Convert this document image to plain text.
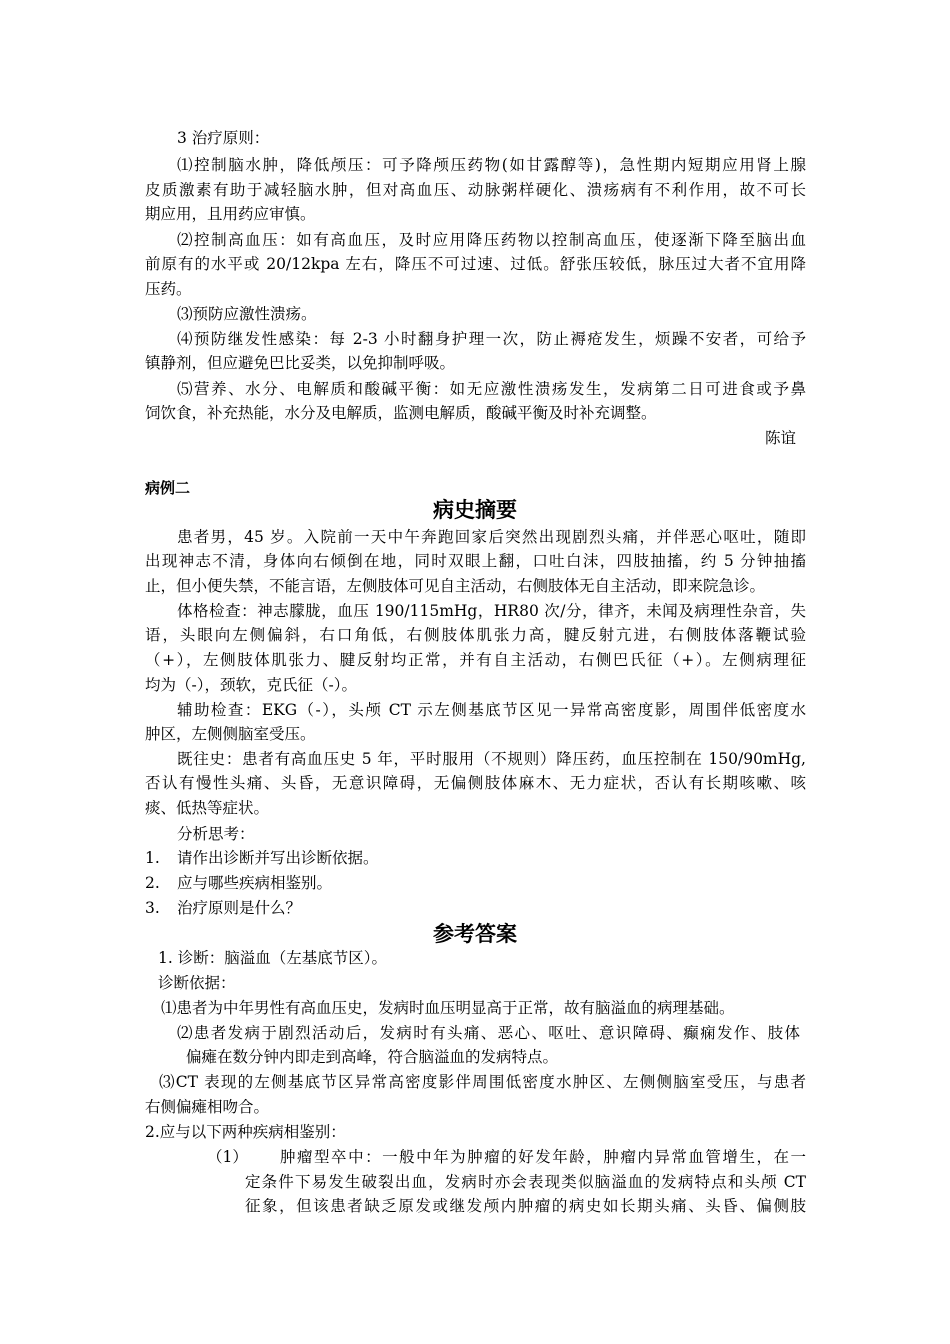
3 治疗原则：

⑴控制脑水肿，降低颅压：可予降颅压药物(如甘露醇等)，急性期内短期应用肾上腺

皮质激素有助于减轻脑水肿，但对高血压、动脉粥样硬化、溃疡病有不利作用，故不可长

期应用，且用药应审慎。

⑵控制高血压：如有高血压，及时应用降压药物以控制高血压，使逐渐下降至脑出血

前原有的水平或 20/12kpa 左右，降压不可过速、过低。舒张压较低，脉压过大者不宜用降

压药。

⑶预防应激性溃疡。

⑷预防继发性感染：每 2-3 小时翻身护理一次，防止褥疮发生，烦躁不安者，可给予

镇静剂，但应避免巴比妥类，以免抑制呼吸。

⑸营养、水分、电解质和酸碱平衡：如无应激性溃疡发生，发病第二日可进食或予鼻

饲饮食，补充热能，水分及电解质，监测电解质，酸碱平衡及时补充调整。

陈谊

病例二

病史摘要

患者男，45 岁。入院前一天中午奔跑回家后突然出现剧烈头痛，并伴恶心呕吐，随即

出现神志不清，身体向右倾倒在地，同时双眼上翻，口吐白沫，四肢抽搐，约 5 分钟抽搐

止，但小便失禁，不能言语，左侧肢体可见自主活动，右侧肢体无自主活动，即来院急诊。

体格检查：神志朦胧，血压 190/115mHg，HR80 次/分，律齐，未闻及病理性杂音，失

语，头眼向左侧偏斜，右口角低，右侧肢体肌张力高，腱反射亢进，右侧肢体落鞭试验

（+），左侧肢体肌张力、腱反射均正常，并有自主活动，右侧巴氏征（+）。左侧病理征

均为（-），颈软，克氏征（-）。

辅助检查：EKG（-），头颅 CT 示左侧基底节区见一异常高密度影，周围伴低密度水

肿区，左侧侧脑室受压。

既往史：患者有高血压史 5 年，平时服用（不规则）降压药，血压控制在 150/90mHg,

否认有慢性头痛、头昏，无意识障碍，无偏侧肢体麻木、无力症状，否认有长期咳嗽、咳

痰、低热等症状。

分析思考：

1. 请作出诊断并写出诊断依据。

2. 应与哪些疾病相鉴别。

3. 治疗原则是什么？

参考答案

1. 诊断：脑溢血（左基底节区）。

诊断依据：

⑴患者为中年男性有高血压史，发病时血压明显高于正常，故有脑溢血的病理基础。

⑵患者发病于剧烈活动后，发病时有头痛、恶心、呕吐、意识障碍、癫痫发作、肢体

偏瘫在数分钟内即走到高峰，符合脑溢血的发病特点。

⑶CT 表现的左侧基底节区异常高密度影伴周围低密度水肿区、左侧侧脑室受压，与患者

右侧偏瘫相吻合。

2.应与以下两种疾病相鉴别：

（1） 肿瘤型卒中：一般中年为肿瘤的好发年龄，肿瘤内异常血管增生，在一

定条件下易发生破裂出血，发病时亦会表现类似脑溢血的发病特点和头颅 CT

征象，但该患者缺乏原发或继发颅内肿瘤的病史如长期头痛、头昏、偏侧肢
